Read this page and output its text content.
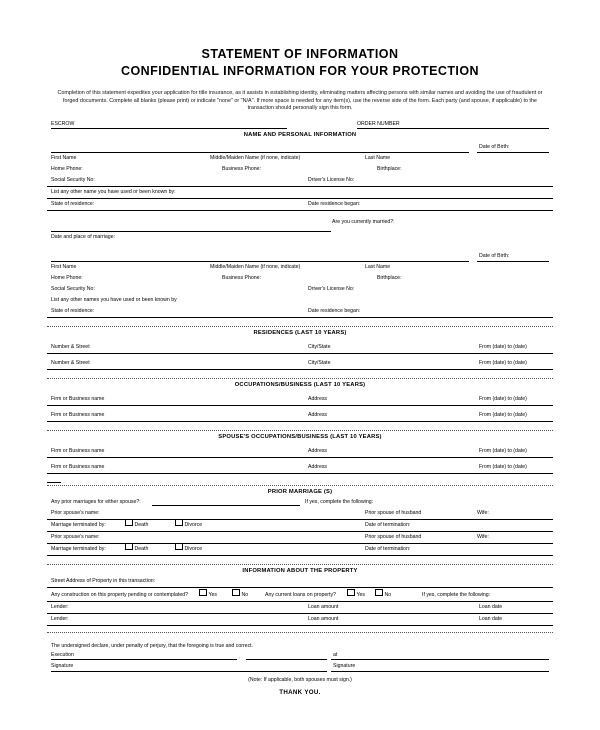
STATEMENT OF INFORMATION
CONFIDENTIAL INFORMATION FOR YOUR PROTECTION
Completion of this statement expedites your application for title insurance, as it assists in establishing identity, eliminating matters affecting persons with similar names and avoiding the use of fraudulent or forged documents. Complete all blanks (please print) or indicate "none" or "N/A". If more space is needed for any item(s), use the reverse side of the form. Each party (and spouse, if applicable) to the transaction should personally sign this form.
ESCROW	ORDER NUMBER
NAME AND PERSONAL INFORMATION
Date of Birth:
First Name	Middle/Maiden Name (if none, indicate)	Last Name
Home Phone:	Business Phone:	Birthplace:
Social Security No:	Driver's License No:
List any other name you have used or been known by:
State of residence:	Date residence began:
Are you currently married?:
Date and place of marriage:
Date of Birth:
First Name	Middle/Maiden Name (if none, indicate)	Last Name
Home Phone:	Business Phone:	Birthplace:
Social Security No:	Driver's License No:
List any other names you have used or been known by
State of residence:	Date residence began:
RESIDENCES (LAST 10 YEARS)
Number & Street	City/State	From (date) to (date)
Number & Street	City/State	From (date) to (date)
OCCUPATIONS/BUSINESS (LAST 10 YEARS)
Firm or Business name	Address	From (date) to (date)
Firm or Business name	Address	From (date) to (date)
SPOUSE'S OCCUPATIONS/BUSINESS (LAST 10 YEARS)
Firm or Business name	Address	From (date) to (date)
Firm or Business name	Address	From (date) to (date)
PRIOR MARRIAGE (S)
Any prior marriages for either spouse?:	If yes, complete the following:
Prior spouse's name:	Prior spouse of husband	Wife:
Marriage terminated by:	Death	Divorce	Date of termination:
Prior spouse's name:	Prior spouse of husband	Wife:
Marriage terminated by:	Death	Divorce	Date of termination:
INFORMATION ABOUT THE PROPERTY
Street Address of Property in this transaction:
Any construction on this property pending or contemplated?	Yes	No	Any current loans on property?	Yes	No	If yes, complete the following:
Lender:	Loan amount	Loan date
Lender:	Loan amount	Loan date
The undersigned declare, under penalty of perjury, that the foregoing is true and correct.
Execution	,	at
Signature	Signature
(Note: If applicable, both spouses must sign.)
THANK YOU.
